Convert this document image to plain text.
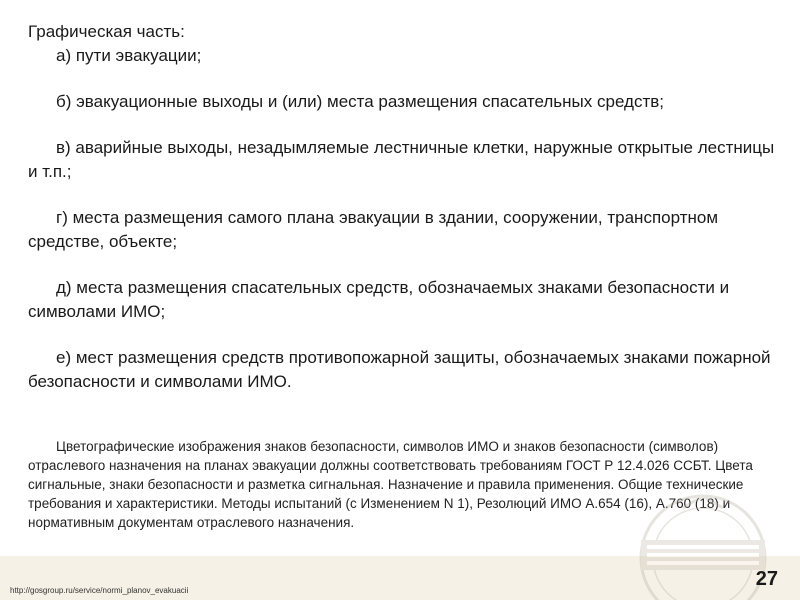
Графическая часть:

а) пути эвакуации;

б) эвакуационные выходы и (или) места размещения спасательных средств;

в) аварийные выходы, незадымляемые лестничные клетки, наружные открытые лестницы и т.п.;

г) места размещения самого плана эвакуации в здании, сооружении, транспортном средстве, объекте;

д) места размещения спасательных средств, обозначаемых знаками безопасности и символами ИМО;

е) мест размещения средств противопожарной защиты, обозначаемых знаками пожарной безопасности и символами ИМО.

Цветографические изображения знаков безопасности, символов ИМО и знаков безопасности (символов) отраслевого назначения на планах эвакуации должны соответствовать требованиям ГОСТ Р 12.4.026 ССБТ. Цвета сигнальные, знаки безопасности и разметка сигнальная. Назначение и правила применения. Общие технические требования и характеристики. Методы испытаний (с Изменением N 1), Резолюций ИМО А.654 (16), А.760 (18) и нормативным документам отраслевого назначения.

http://gosgroup.ru/service/normi_planov_evakuacii
27
